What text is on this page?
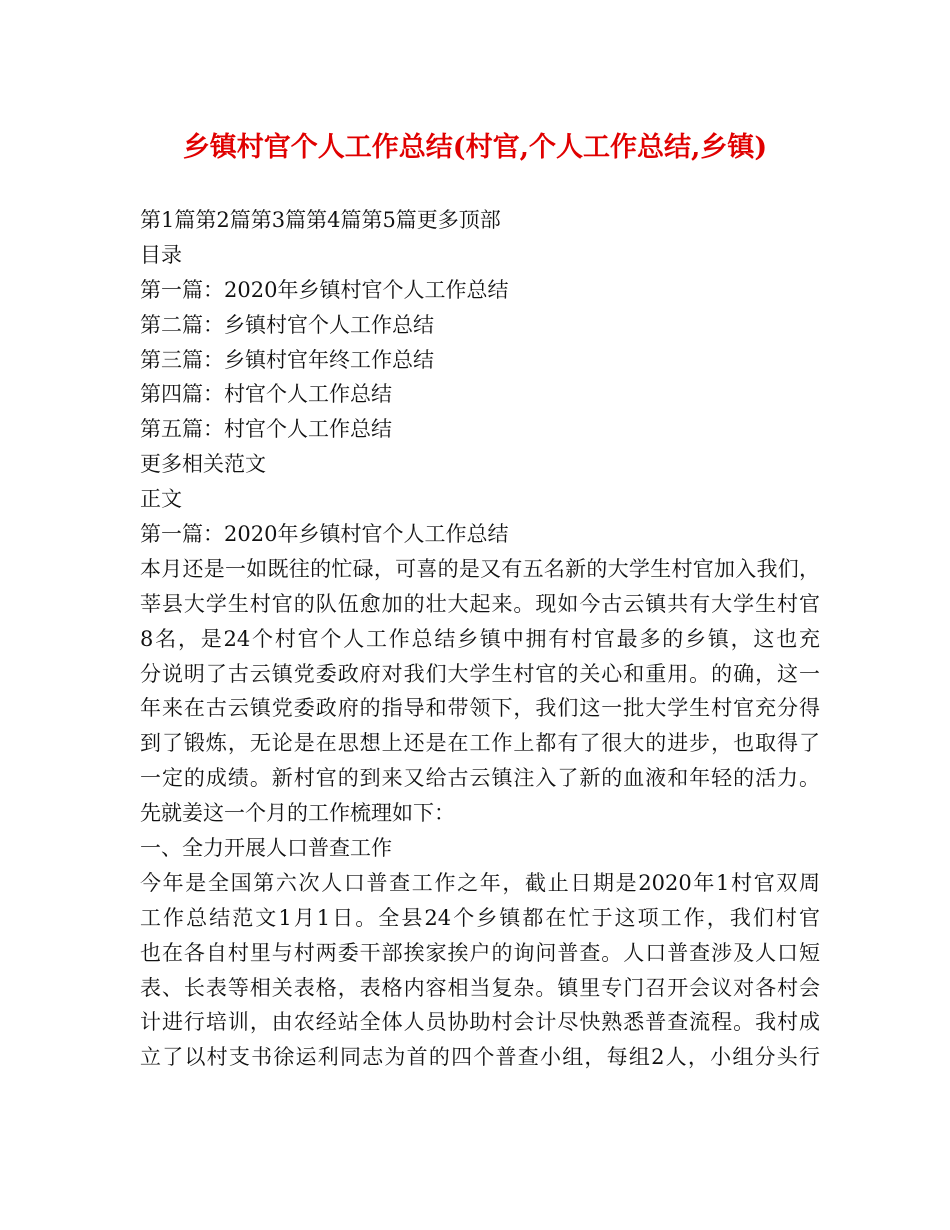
乡镇村官个人工作总结(村官,个人工作总结,乡镇)
第1篇第2篇第3篇第4篇第5篇更多顶部
目录
第一篇：2020年乡镇村官个人工作总结
第二篇：乡镇村官个人工作总结
第三篇：乡镇村官年终工作总结
第四篇：村官个人工作总结
第五篇：村官个人工作总结
更多相关范文
正文
第一篇：2020年乡镇村官个人工作总结
本月还是一如既往的忙碌，可喜的是又有五名新的大学生村官加入我们，
莘县大学生村官的队伍愈加的壮大起来。现如今古云镇共有大学生村官
8名，是24个村官个人工作总结乡镇中拥有村官最多的乡镇，这也充
分说明了古云镇党委政府对我们大学生村官的关心和重用。的确，这一
年来在古云镇党委政府的指导和带领下，我们这一批大学生村官充分得
到了锻炼，无论是在思想上还是在工作上都有了很大的进步，也取得了
一定的成绩。新村官的到来又给古云镇注入了新的血液和年轻的活力。
先就姜这一个月的工作梳理如下：
一、全力开展人口普查工作
今年是全国第六次人口普查工作之年，截止日期是2020年1村官双周
工作总结范文1月1日。全县24个乡镇都在忙于这项工作，我们村官
也在各自村里与村两委干部挨家挨户的询问普查。人口普查涉及人口短
表、长表等相关表格，表格内容相当复杂。镇里专门召开会议对各村会
计进行培训，由农经站全体人员协助村会计尽快熟悉普查流程。我村成
立了以村支书徐运利同志为首的四个普查小组，每组2人，小组分头行
